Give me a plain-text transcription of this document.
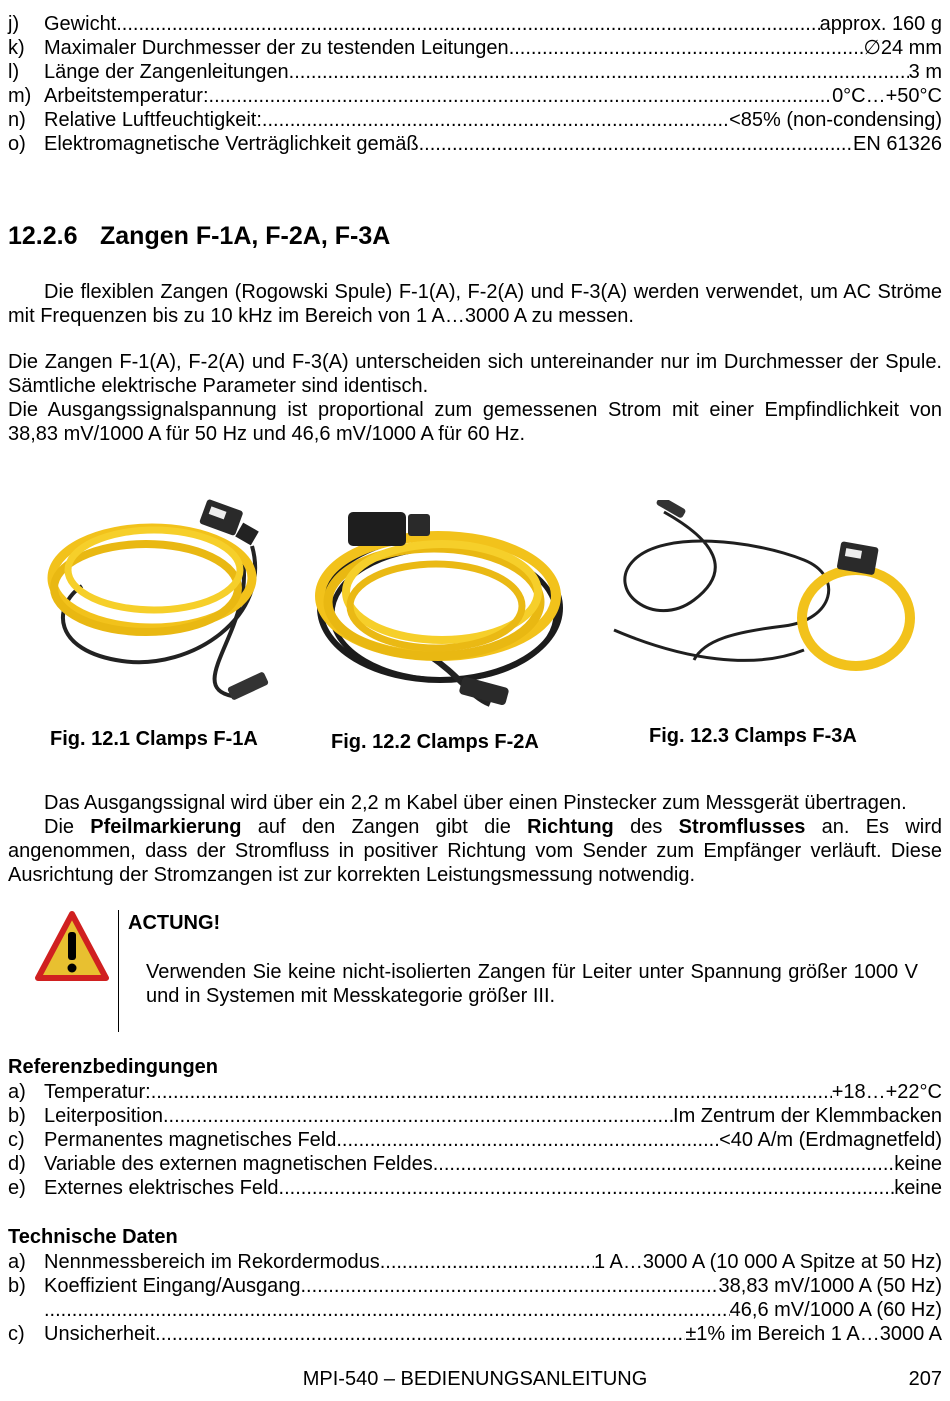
j)	Gewicht .....	approx. 160 g
k) Maximaler Durchmesser der zu testenden Leitungen .....	∅24 mm
l)	Länge der Zangenleitungen .....	3 m
m) Arbeitstemperatur: .....	0°C…+50°C
n) Relative Luftfeuchtigkeit: .....	<85% (non-condensing)
o) Elektromagnetische Verträglichkeit gemäß .....	EN 61326
12.2.6 Zangen F-1A, F-2A, F-3A

Die flexiblen Zangen (Rogowski Spule) F-1(A), F-2(A) und F-3(A) werden verwendet, um AC Ströme mit Frequenzen bis zu 10 kHz im Bereich von 1 A…3000 A zu messen.

Die Zangen F-1(A), F-2(A) und F-3(A) unterscheiden sich untereinander nur im Durchmesser der Spule. Sämtliche elektrische Parameter sind identisch.

Die Ausgangssignalspannung ist proportional zum gemessenen Strom mit einer Empfindlichkeit von 38,83 mV/1000 A für 50 Hz und 46,6 mV/1000 A für 60 Hz.

Fig. 12.1 Clamps F-1A	Fig. 12.2 Clamps F-2A	Fig. 12.3 Clamps F-3A

Das Ausgangssignal wird über ein 2,2 m Kabel über einen Pinstecker zum Messgerät übertragen.

Die Pfeilmarkierung auf den Zangen gibt die Richtung des Stromflusses an. Es wird angenommen, dass der Stromfluss in positiver Richtung vom Sender zum Empfänger verläuft. Diese Ausrichtung der Stromzangen ist zur korrekten Leistungsmessung notwendig.

ACTUNG!
Verwenden Sie keine nicht-isolierten Zangen für Leiter unter Spannung größer 1000 V und in Systemen mit Messkategorie größer III.
Referenzbedingungen
a) Temperatur: .....	+18…+22°C
b) Leiterposition .....	Im Zentrum der Klemmbacken
c) Permanentes magnetisches Feld .....	<40 A/m (Erdmagnetfeld)
d) Variable des externen magnetischen Feldes .....	keine
e) Externes elektrisches Feld .....	keine
Technische Daten
a) Nennmessbereich im Rekordermodus .....	1 A…3000 A (10 000 A Spitze at 50 Hz)
b) Koeffizient Eingang/Ausgang .....	38,83 mV/1000 A (50 Hz)
.....
46,6 mV/1000 A (60 Hz)
c) Unsicherheit .....	±1% im Bereich 1 A…3000 A
MPI-540 – BEDIENUNGSANLEITUNG	207
